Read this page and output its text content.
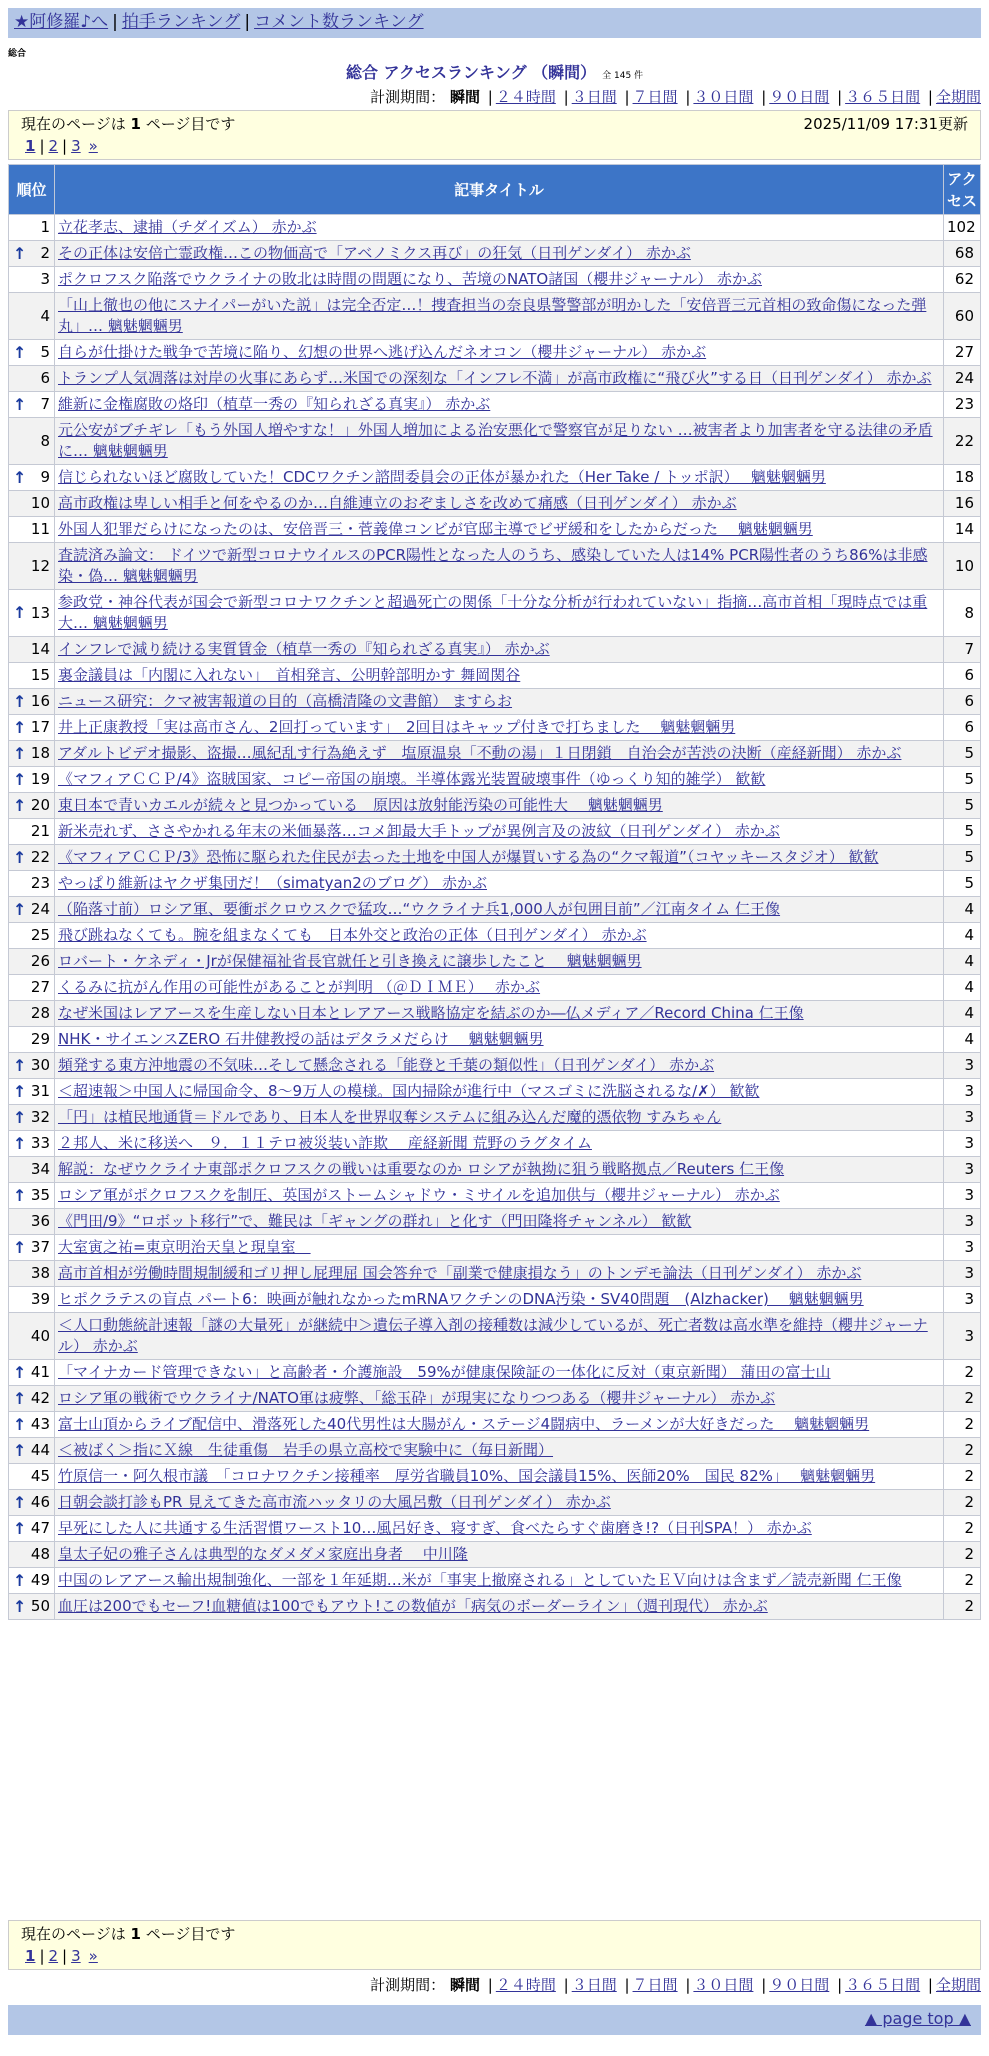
★阿修羅♪へ | 拍手ランキング | コメント数ランキング
総合
総合 アクセスランキング （瞬間） 全 145 件
計測期間： 瞬間 | ２４時間 | ３日間 | ７日間 | ３０日間 | ９０日間 | ３６５日間 | 全期間
現在のページは 1 ページ目です	2025/11/09 17:31更新
1 | 2 | 3 »
順位	記事タイトル	アクセス
1	立花孝志、逮捕（チダイズム） 赤かぶ	102

↑ 2	その正体は安倍亡霊政権…この物価高で「アベノミクス再び」の狂気（日刊ゲンダイ） 赤かぶ	68
3	ポクロフスク陥落でウクライナの敗北は時間の問題になり、苦境のNATO諸国（櫻井ジャーナル） 赤かぶ	62
4	「山上徹也の他にスナイパーがいた説」は完全否定…！捜査担当の奈良県警警部が明かした「安倍晋三元首相の致命傷になった弾丸」… 魑魅魍魎男	60

↑ 5	自らが仕掛けた戦争で苦境に陥り、幻想の世界へ逃げ込んだネオコン（櫻井ジャーナル） 赤かぶ	27
6	トランプ人気凋落は対岸の火事にあらず…米国での深刻な「インフレ不満」が高市政権に“飛び火”する日（日刊ゲンダイ） 赤かぶ	24

↑ 7	維新に金権腐敗の烙印（植草一秀の『知られざる真実』） 赤かぶ	23
8	元公安がブチギレ「もう外国人増やすな！」外国人増加による治安悪化で警察官が足りない …被害者より加害者を守る法律の矛盾に… 魑魅魍魎男	22

↑ 9	信じられないほど腐敗していた！CDCワクチン諮問委員会の正体が暴かれた（Her Take / トッポ訳）　 魑魅魍魎男	18
10	高市政権は卑しい相手と何をやるのか…自維連立のおぞましさを改めて痛感（日刊ゲンダイ） 赤かぶ	16
11	外国人犯罪だらけになったのは、安倍晋三・菅義偉コンビが官邸主導でビザ緩和をしたからだった　 魑魅魍魎男	14
12	査読済み論文： ドイツで新型コロナウイルスのPCR陽性となった人のうち、感染していた人は14% PCR陽性者のうち86%は非感染・偽… 魑魅魍魎男	10

↑ 13	参政党・神谷代表が国会で新型コロナワクチンと超過死亡の関係「十分な分析が行われていない」指摘…高市首相「現時点では重大… 魑魅魍魎男	8
14	インフレで減り続ける実質賃金（植草一秀の『知られざる真実』） 赤かぶ	7
15	裏金議員は「内閣に入れない」　首相発言、公明幹部明かす 舞岡関谷	6

↑ 16	ニュース研究：クマ被害報道の目的（高橋清隆の文書館） ますらお	6

↑ 17	井上正康教授「実は高市さん、2回打っています」　2回目はキャップ付きで打ちました　 魑魅魍魎男	6

↑ 18	アダルトビデオ撮影、盗撮…風紀乱す行為絶えず　塩原温泉「不動の湯」１日閉鎖　自治会が苦渋の決断（産経新聞） 赤かぶ	5

↑ 19	《マフィアＣＣＰ/4》盗賊国家、コピー帝国の崩壊。半導体露光装置破壊事件（ゆっくり知的雑学） 歓歓	5

↑ 20	東日本で青いカエルが続々と見つかっている　原因は放射能汚染の可能性大　 魑魅魍魎男	5
21	新米売れず、ささやかれる年末の米価暴落…コメ卸最大手トップが異例言及の波紋（日刊ゲンダイ） 赤かぶ	5

↑ 22	《マフィアＣＣＰ/3》恐怖に駆られた住民が去った土地を中国人が爆買いする為の“クマ報道”（コヤッキースタジオ） 歓歓	5
23	やっぱり維新はヤクザ集団だ！（simatyan2のブログ） 赤かぶ	5

↑ 24	（陥落寸前）ロシア軍、要衝ポクロウスクで猛攻…“ウクライナ兵1,000人が包囲目前”／江南タイム 仁王像	4
25	飛び跳ねなくても。腕を組まなくても　日本外交と政治の正体（日刊ゲンダイ） 赤かぶ	4
26	ロバート・ケネディ・Jrが保健福祉省長官就任と引き換えに譲歩したこと　 魑魅魍魎男	4
27	くるみに抗がん作用の可能性があることが判明 （＠ＤＩＭＥ）　 赤かぶ	4
28	なぜ米国はレアアースを生産しない日本とレアアース戦略協定を結ぶのか―仏メディア／Record China 仁王像	4
29	NHK・サイエンスZERO 石井健教授の話はデタラメだらけ　 魑魅魍魎男	4

↑ 30	頻発する東方沖地震の不気味…そして懸念される「能登と千葉の類似性」（日刊ゲンダイ） 赤かぶ	3

↑ 31	＜超速報＞中国人に帰国命令、8～9万人の模様。国内掃除が進行中（マスゴミに洗脳されるな/✗） 歓歓	3

↑ 32	「円」は植民地通貨＝ドルであり、日本人を世界収奪システムに組み込んだ魔的憑依物 すみちゃん	3

↑ 33	２邦人、米に移送へ　９．１１テロ被災装い詐欺　 産経新聞 荒野のラグタイム	3
34	解説：なぜウクライナ東部ポクロフスクの戦いは重要なのか ロシアが執拗に狙う戦略拠点／Reuters 仁王像	3

↑ 35	ロシア軍がポクロフスクを制圧、英国がストームシャドウ・ミサイルを追加供与（櫻井ジャーナル） 赤かぶ	3
36	《門田/9》“ロボット移行”で、難民は「ギャングの群れ」と化す（門田隆将チャンネル） 歓歓	3

↑ 37	大室寅之祐=東京明治天皇と現皇室　	3
38	高市首相が労働時間規制緩和ゴリ押し屁理屈 国会答弁で「副業で健康損なう」のトンデモ論法（日刊ゲンダイ） 赤かぶ	3
39	ヒポクラテスの盲点 パート6：映画が触れなかったmRNAワクチンのDNA汚染・SV40問題　(Alzhacker)　 魑魅魍魎男	3
40	＜人口動態統計速報「謎の大量死」が継続中＞遺伝子導入剤の接種数は減少しているが、死亡者数は高水準を維持（櫻井ジャーナル） 赤かぶ	3

↑ 41	「マイナカード管理できない」と高齢者・介護施設　59%が健康保険証の一体化に反対（東京新聞） 蒲田の富士山	2

↑ 42	ロシア軍の戦術でウクライナ/NATO軍は疲弊、「総玉砕」が現実になりつつある（櫻井ジャーナル） 赤かぶ	2

↑ 43	富士山頂からライブ配信中、滑落死した40代男性は大腸がん・ステージ4闘病中、ラーメンが大好きだった　 魑魅魍魎男	2

↑ 44	＜被ばく＞指にＸ線　生徒重傷　岩手の県立高校で実験中に（毎日新聞）	2
45	竹原信一・阿久根市議　「コロナワクチン接種率　厚労省職員10%、国会議員15%、医師20%　国民 82%」　 魑魅魍魎男	2

↑ 46	日朝会談打診もPR 見えてきた高市流ハッタリの大風呂敷（日刊ゲンダイ） 赤かぶ	2

↑ 47	早死にした人に共通する生活習慣ワースト10…風呂好き、寝すぎ、食べたらすぐ歯磨き!?（日刊SPA！） 赤かぶ	2
48	皇太子妃の雅子さんは典型的なダメダメ家庭出身者　 中川隆	2

↑ 49	中国のレアアース輸出規制強化、一部を１年延期…米が「事実上撤廃される」としていたＥＶ向けは含まず／読売新聞 仁王像	2

↑ 50	血圧は200でもセーフ!血糖値は100でもアウト!この数値が「病気のボーダーライン」（週刊現代） 赤かぶ	2
現在のページは 1 ページ目です
1 | 2 | 3 »
計測期間： 瞬間 | ２４時間 | ３日間 | ７日間 | ３０日間 | ９０日間 | ３６５日間 | 全期間
▲ page top ▲
